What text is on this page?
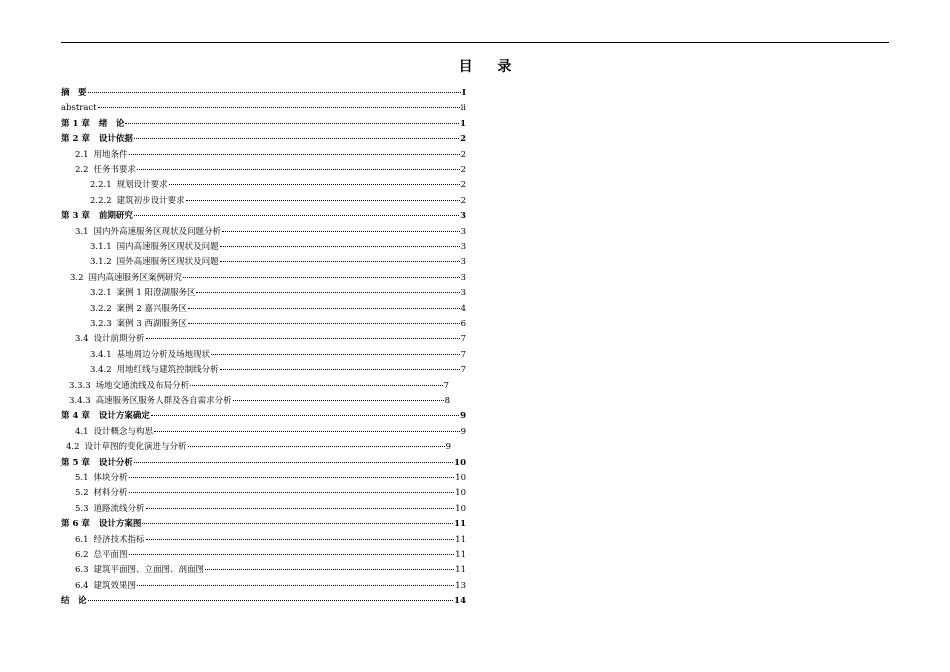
目 录
摘　要	I
abstract	ii
第 1 章 绪　论	1
第 2 章 设计依据	2
2.1 用地条件	2
2.2 任务书要求	2
2.2.1 规划设计要求	2
2.2.2 建筑初步设计要求	2
第 3 章 前期研究	3
3.1 国内外高速服务区现状及问题分析	3
3.1.1 国内高速服务区现状及问题	3
3.1.2 国外高速服务区现状及问题	3
3.2 国内高速服务区案例研究	3
3.2.1 案例 1 阳澄湖服务区	3
3.2.2 案例 2 嘉兴服务区	4
3.2.3 案例 3 西湖服务区	6
3.4 设计前期分析	7
3.4.1 基地周边分析及场地现状	7
3.4.2 用地红线与建筑控制线分析	7
3.3.3 场地交通流线及布局分析	7
3.4.3 高速服务区服务人群及各自需求分析	8
第 4 章 设计方案确定	9
4.1 设计概念与构思	9
4.2 设计草图的变化演进与分析	9
第 5 章 设计分析	10
5.1 体块分析	10
5.2 材料分析	10
5.3 道路流线分析	10
第 6 章 设计方案图	11
6.1 经济技术指标	11
6.2 总平面图	11
6.3 建筑平面图、立面图、剖面图	11
6.4 建筑效果图	13
结　论	14
